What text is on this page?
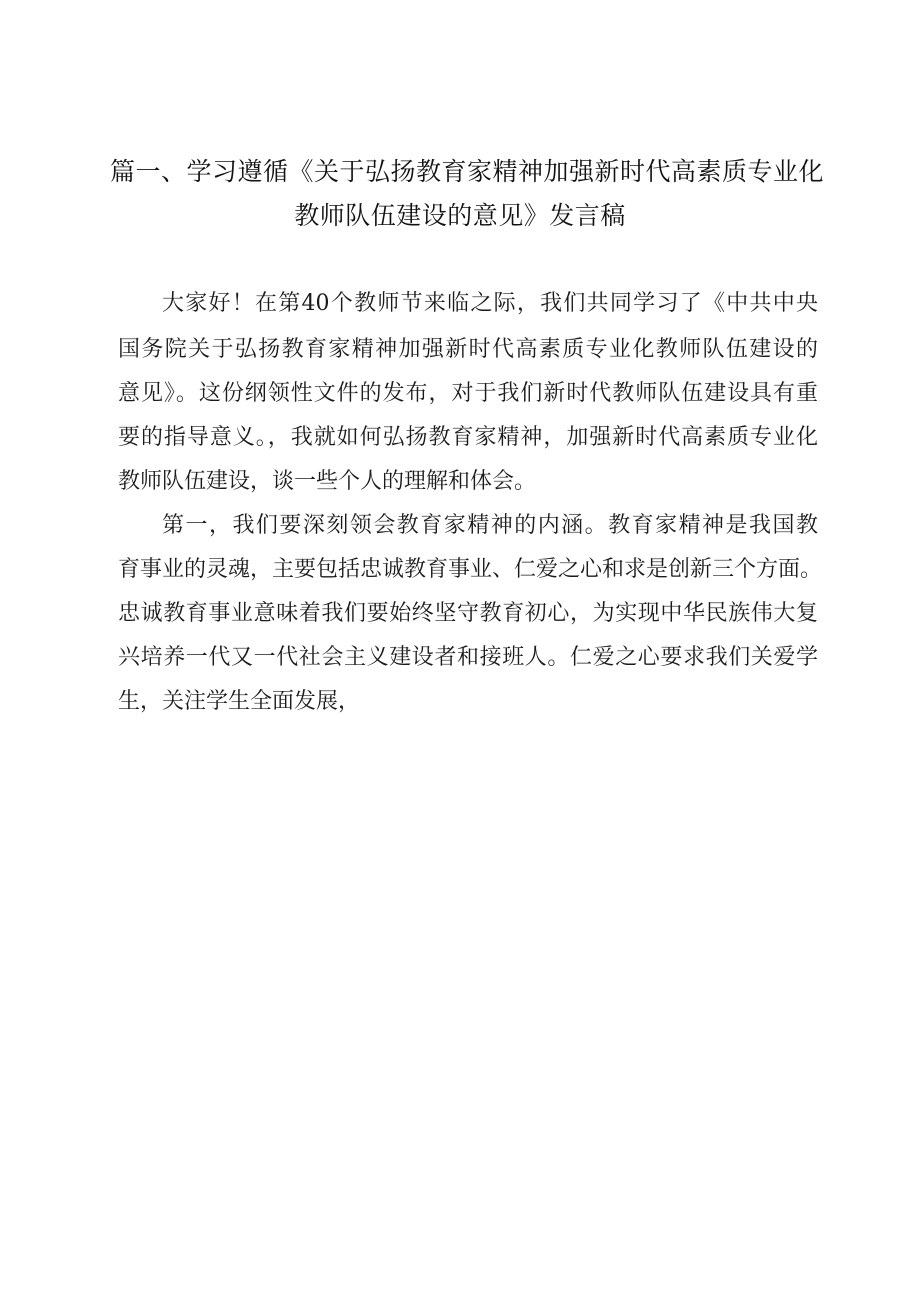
篇一、学习遵循《关于弘扬教育家精神加强新时代高素质专业化
教师队伍建设的意见》发言稿
大家好！在第40个教师节来临之际，我们共同学习了《中共中央
国务院关于弘扬教育家精神加强新时代高素质专业化教师队伍建设的
意见》。这份纲领性文件的发布，对于我们新时代教师队伍建设具有重
要的指导意义。，我就如何弘扬教育家精神，加强新时代高素质专业化
教师队伍建设，谈一些个人的理解和体会。
第一，我们要深刻领会教育家精神的内涵。教育家精神是我国教
育事业的灵魂，主要包括忠诚教育事业、仁爱之心和求是创新三个方面。
忠诚教育事业意味着我们要始终坚守教育初心，为实现中华民族伟大复
兴培养一代又一代社会主义建设者和接班人。仁爱之心要求我们关爱学
生，关注学生全面发展，
